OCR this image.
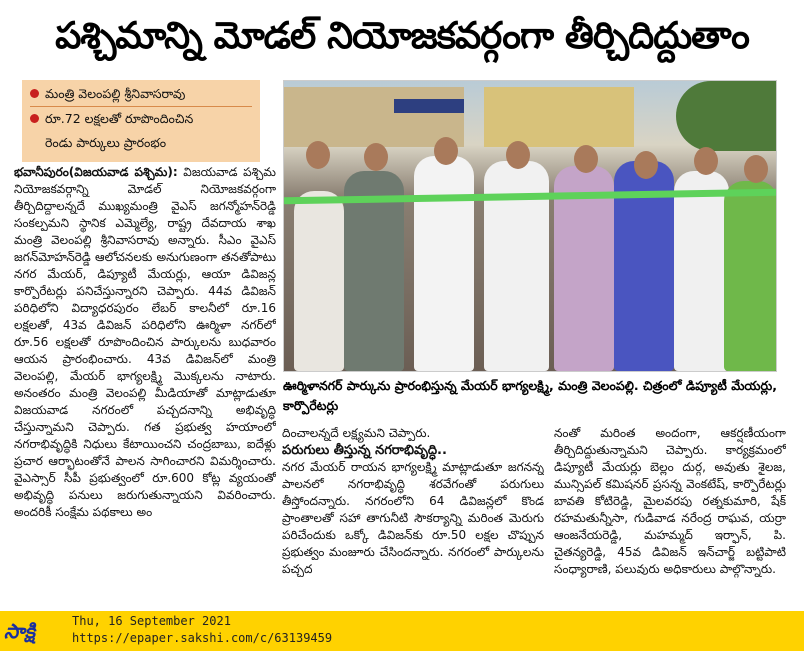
పశ్చిమాన్ని మోడల్ నియోజకవర్గంగా తీర్చిదిద్దుతాం
మంత్రి వెలంపల్లి శ్రీనివాసరావు
రూ.72 లక్షలతో రూపొందించిన
రెండు పార్కులు ప్రారంభం
ఊర్మిళానగర్ పార్కును ప్రారంభిస్తున్న మేయర్ భాగ్యలక్ష్మి, మంత్రి వెలంపల్లి. చిత్రంలో డిప్యూటీ మేయర్లు, కార్పొరేటర్లు
భవానీపురం(విజయవాడ పశ్చిమ): విజయవాడ పశ్చిమ నియోజకవర్గాన్ని మోడల్ నియోజకవర్గంగా తీర్చిదిద్దాలన్నదే ముఖ్యమంత్రి వైఎస్ జగన్మోహన్‌రెడ్డి సంకల్పమని స్థానిక ఎమ్మెల్యే, రాష్ట్ర దేవదాయ శాఖ మంత్రి వెలంపల్లి శ్రీనివాసరావు అన్నారు. సీఎం వైఎస్ జగన్‌మోహన్‌రెడ్డి ఆలోచనలకు అనుగుణంగా తనతోపాటు నగర మేయర్, డిప్యూటీ మేయర్లు, ఆయా డివిజన్ల కార్పొరేటర్లు పనిచేస్తున్నారని చెప్పారు. 44వ డివిజన్ పరిధిలోని విద్యాధరపురం లేబర్ కాలనీలో రూ.16 లక్షలతో, 43వ డివిజన్ పరిధిలోని ఊర్మిళా నగర్‌లో రూ.56 లక్షలతో రూపొందించిన పార్కులను బుధవారం ఆయన ప్రారంభించారు. 43వ డివిజన్‌లో మంత్రి వెలంపల్లి, మేయర్ భాగ్యలక్ష్మి మొక్కలను నాటారు. అనంతరం మంత్రి వెలంపల్లి మీడియాతో మాట్లాడుతూ విజయవాడ నగరంలో పచ్చదనాన్ని అభివృద్ధి చేస్తున్నామని చెప్పారు. గత ప్రభుత్వ హయాంలో నగరాభివృద్ధికి నిధులు కేటాయించని చంద్రబాబు, ఐదేళ్లు ప్రచార ఆర్భాటంతోనే పాలన సాగించారని విమర్శించారు. వైఎస్సార్ సీపీ ప్రభుత్వంలో రూ.600 కోట్ల వ్యయంతో అభివృద్ధి పనులు జరుగుతున్నాయని వివరించారు. అందరికీ సంక్షేమ పథకాలు అం
దించాలన్నదే లక్ష్యమని చెప్పారు.
పరుగులు తీస్తున్న నగరాభివృద్ధి..
నగర మేయర్ రాయన భాగ్యలక్ష్మి మాట్లాడుతూ జగనన్న పాలనలో నగరాభివృద్ధి శరవేగంతో పరుగులు తీస్తోందన్నారు. నగరంలోని 64 డివిజన్లలో కొండ ప్రాంతాలతో సహా తాగునీటి సౌకర్యాన్ని మరింత మెరుగు పరిచేందుకు ఒక్కో డివిజన్‌కు రూ.50 లక్షల చొప్పున ప్రభుత్వం మంజూరు చేసిందన్నారు. నగరంలో పార్కులను పచ్చద
నంతో మరింత అందంగా, ఆకర్షణీయంగా తీర్చిదిద్దుతున్నామని చెప్పారు. కార్యక్రమంలో డిప్యూటీ మేయర్లు బెల్లం దుర్గ, అవుతు శైలజ, మున్సిపల్ కమిషనర్ ప్రసన్న వెంకటేష్, కార్పొరేటర్లు బావతి కోటిరెడ్డి, మైలవరపు రత్నకుమారి, షేక్ రహమతున్నీసా, గుడివాడ నరేంద్ర రాఘవ, యర్రా ఆంజనేయరెడ్డి, మహమ్మద్ ఇర్ఫాన్, పి. చైతన్యరెడ్డి, 45వ డివిజన్ ఇన్‌చార్జ్ బట్టిపాటి సంధ్యారాణి, పలువురు అధికారులు పాల్గొన్నారు.
సాక్షి	Thu, 16 September 2021
https://epaper.sakshi.com/c/63139459
